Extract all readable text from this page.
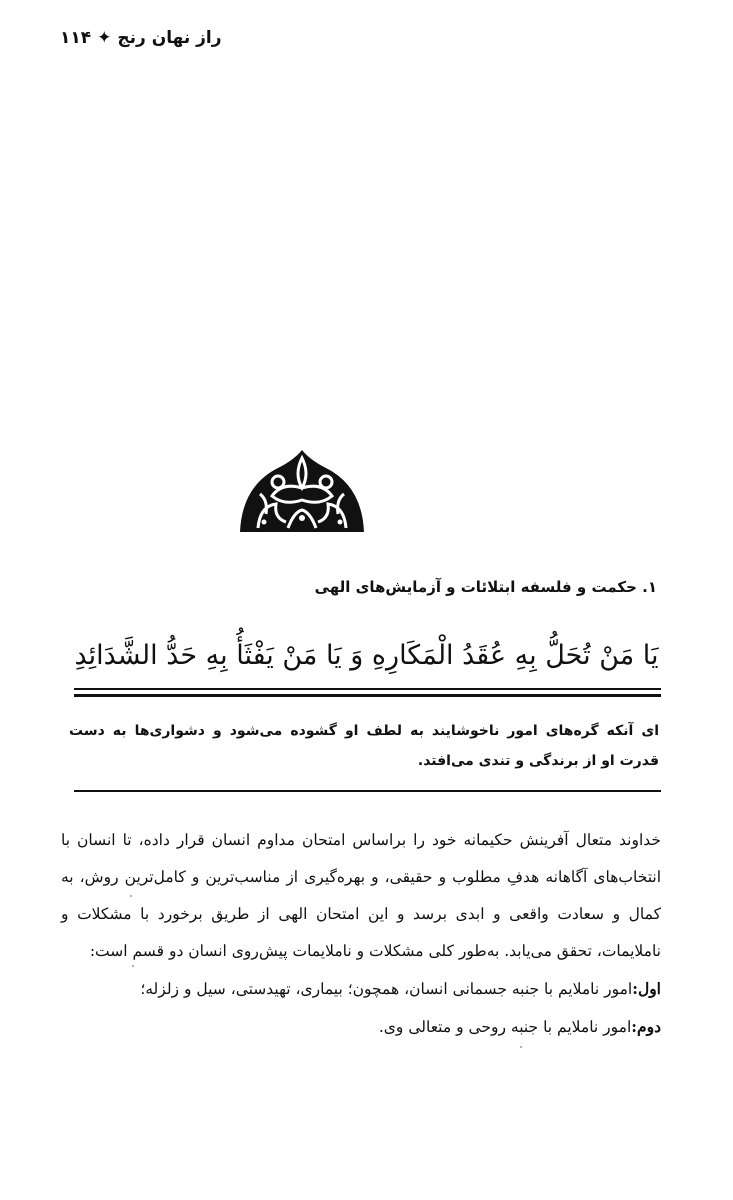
راز نهان رنج
✦
۱۱۴
۱. حکمت و فلسفه ابتلائات و آزمایش‌های الهی
یَا مَنْ تُحَلُّ بِهِ عُقَدُ الْمَکَارِهِ وَ یَا مَنْ یَفْثَأُ بِهِ حَدُّ الشَّدَائِدِ
ای آنکه گره‌های امور ناخوشایند به لطف او گشوده می‌شود و دشواری‌ها به دست قدرت او از برندگی و تندی می‌افتد.

خداوند متعال آفرینش حکیمانه خود را براساس امتحان مداوم انسان قرار داده، تا انسان با انتخاب‌های آگاهانه هدفِ مطلوب و حقیقی، و بهره‌گیری از مناسب‌ترین و کامل‌ترین روش، به کمال و سعادت واقعی و ابدی برسد و این امتحان الهی از طریق برخورد با مشکلات و ناملایمات، تحقق می‌یابد. به‌طور کلی مشکلات و ناملایمات پیش‌روی انسان دو قسم است:

اول:امور ناملایم با جنبه جسمانی انسان، همچون؛ بیماری، تهیدستی، سیل و زلزله؛

دوم:امور ناملایم با جنبه روحی و متعالی وی.
